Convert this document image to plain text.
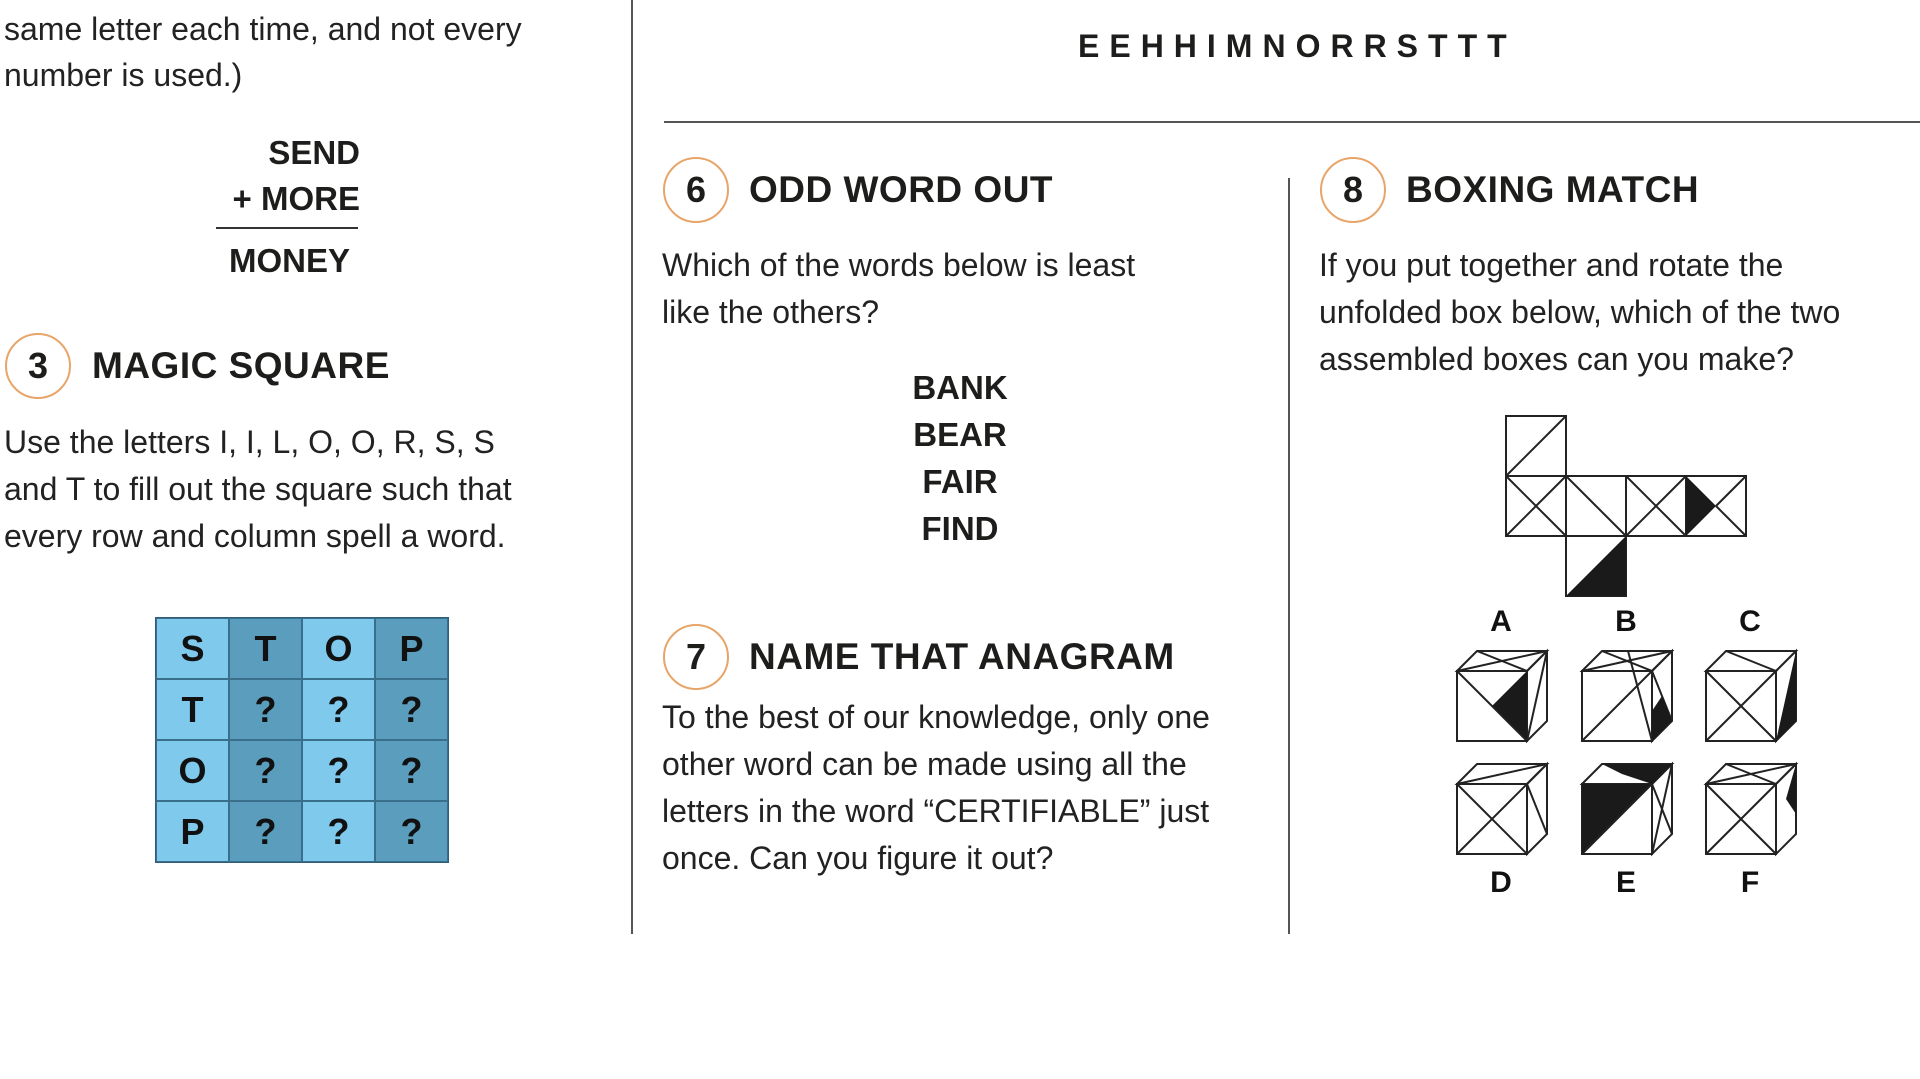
same letter each time, and not every
number is used.)
SEND
+ MORE
MONEY
3	MAGIC SQUARE
Use the letters I, I, L, O, O, R, S, S
and T to fill out the square such that
every row and column spell a word.
S	T	O	P
T	?	?	?
O	?	?	?
P	?	?	?
EEHHIMNORRSTTT
6	ODD WORD OUT
Which of the words below is least
like the others?
BANK
BEAR
FAIR
FIND
7	NAME THAT ANAGRAM
To the best of our knowledge, only one
other word can be made using all the
letters in the word “CERTIFIABLE” just
once. Can you figure it out?
8	BOXING MATCH
If you put together and rotate the
unfolded box below, which of the two
assembled boxes can you make?
A	B	C
D	E	F
